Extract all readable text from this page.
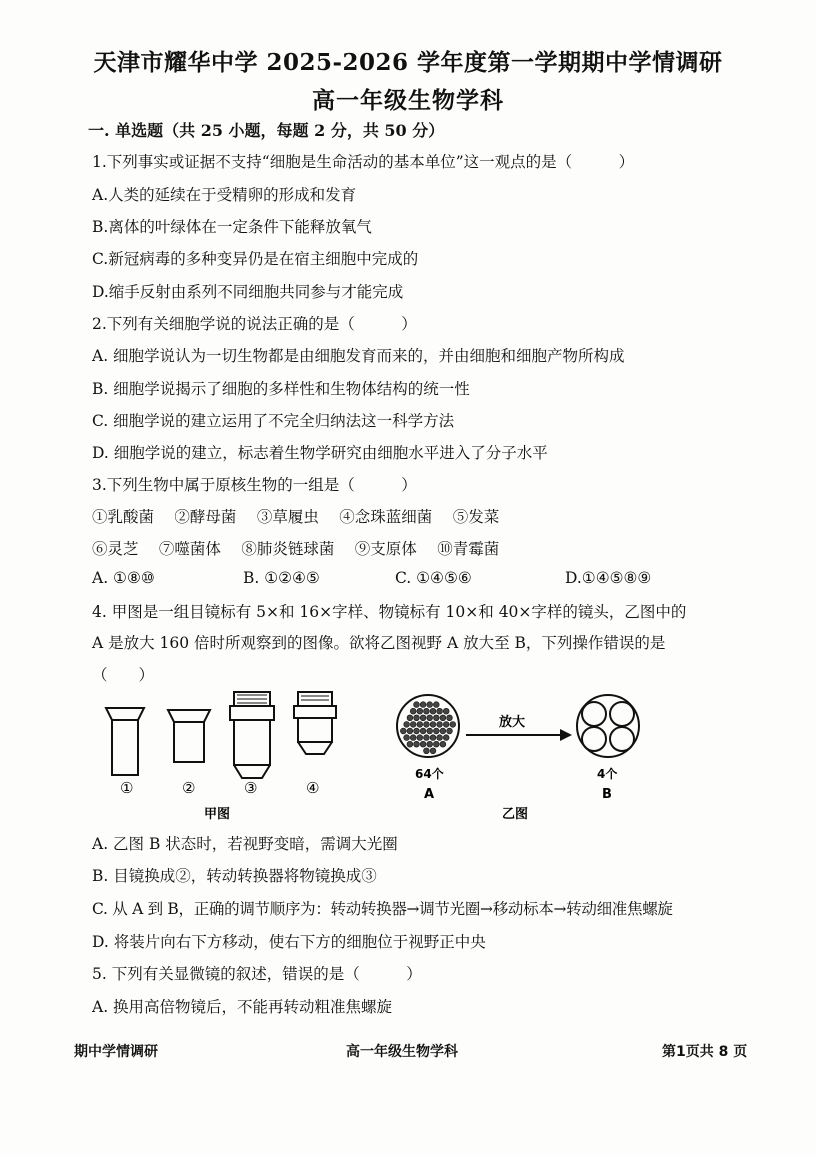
天津市耀华中学 2025-2026 学年度第一学期期中学情调研
高一年级生物学科
一. 单选题（共 25 小题，每题 2 分，共 50 分）
1.下列事实或证据不支持“细胞是生命活动的基本单位”这一观点的是（　　　）
A.人类的延续在于受精卵的形成和发育
B.离体的叶绿体在一定条件下能释放氧气
C.新冠病毒的多种变异仍是在宿主细胞中完成的
D.缩手反射由系列不同细胞共同参与才能完成
2.下列有关细胞学说的说法正确的是（　　　）
A. 细胞学说认为一切生物都是由细胞发育而来的，并由细胞和细胞产物所构成
B. 细胞学说揭示了细胞的多样性和生物体结构的统一性
C. 细胞学说的建立运用了不完全归纳法这一科学方法
D. 细胞学说的建立，标志着生物学研究由细胞水平进入了分子水平
3.下列生物中属于原核生物的一组是（　　　）
①乳酸菌　 ②酵母菌　 ③草履虫　 ④念珠蓝细菌　 ⑤发菜
⑥灵芝　 ⑦噬菌体　 ⑧肺炎链球菌　 ⑨支原体　 ⑩青霉菌
A. ①⑧⑩	B. ①②④⑤	C. ①④⑤⑥	D.①④⑤⑧⑨
4. 甲图是一组目镜标有 5×和 16×字样、物镜标有 10×和 40×字样的镜头，乙图中的
A 是放大 160 倍时所观察到的图像。欲将乙图视野 A 放大至 B，下列操作错误的是
（　　）
①	②	③	④
甲图
放大
64个
A
4个
B
乙图
A. 乙图 B 状态时，若视野变暗，需调大光圈
B. 目镜换成②，转动转换器将物镜换成③
C. 从 A 到 B，正确的调节顺序为：转动转换器→调节光圈→移动标本→转动细准焦螺旋
D. 将装片向右下方移动，使右下方的细胞位于视野正中央
5. 下列有关显微镜的叙述，错误的是（　　　）
A. 换用高倍物镜后，不能再转动粗准焦螺旋
期中学情调研	高一年级生物学科	第1页共 8 页
